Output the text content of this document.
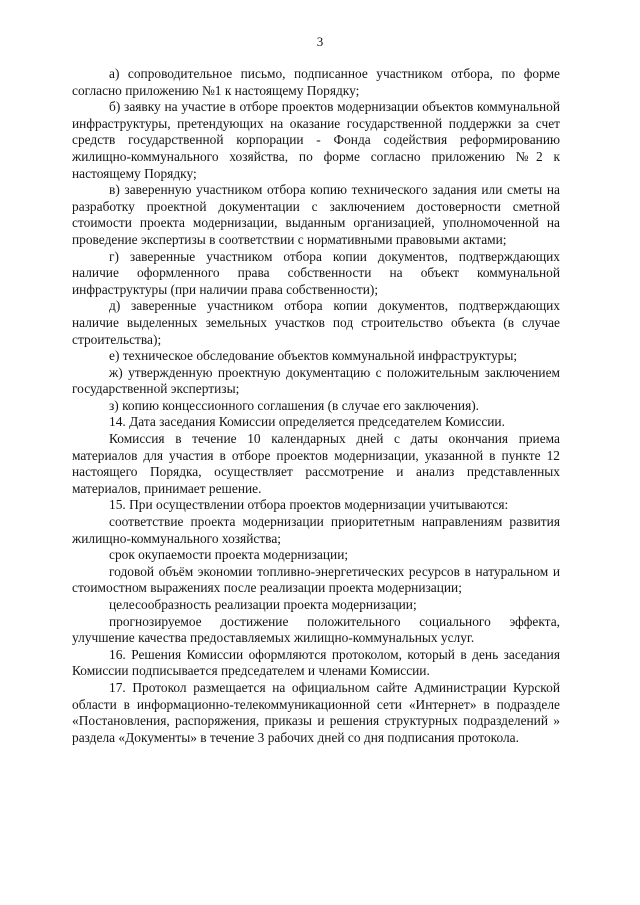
3

а) сопроводительное письмо, подписанное участником отбора, по форме согласно приложению №1 к настоящему Порядку;

б) заявку на участие в отборе проектов модернизации объектов коммунальной инфраструктуры, претендующих на оказание государственной поддержки за счет средств государственной корпорации - Фонда содействия реформированию жилищно-коммунального хозяйства, по форме согласно приложению №2 к настоящему Порядку;

в) заверенную участником отбора копию технического задания или сметы на разработку проектной документации с заключением достоверности сметной стоимости проекта модернизации, выданным организацией, уполномоченной на проведение экспертизы в соответствии с нормативными правовыми актами;

г) заверенные участником отбора копии документов, подтверждающих наличие оформленного права собственности на объект коммунальной инфраструктуры (при наличии права собственности);

д) заверенные участником отбора копии документов, подтверждающих наличие выделенных земельных участков под строительство объекта (в случае строительства);

е) техническое обследование объектов коммунальной инфраструктуры;

ж) утвержденную проектную документацию с положительным заключением государственной экспертизы;

з) копию концессионного соглашения (в случае его заключения).

14. Дата заседания Комиссии определяется председателем Комиссии.

Комиссия в течение 10 календарных дней с даты окончания приема материалов для участия в отборе проектов модернизации, указанной в пункте 12 настоящего Порядка, осуществляет рассмотрение и анализ представленных материалов, принимает решение.

15. При осуществлении отбора проектов модернизации учитываются:

соответствие проекта модернизации приоритетным направлениям развития жилищно-коммунального хозяйства;

срок окупаемости проекта модернизации;

годовой объём экономии топливно-энергетических ресурсов в натуральном и стоимостном выражениях после реализации проекта модернизации;

целесообразность реализации проекта модернизации;

прогнозируемое достижение положительного социального эффекта, улучшение качества предоставляемых жилищно-коммунальных услуг.

16. Решения Комиссии оформляются протоколом, который в день заседания Комиссии подписывается председателем и членами Комиссии.

17. Протокол размещается на официальном сайте Администрации Курской области в информационно-телекоммуникационной сети «Интернет» в подразделе «Постановления, распоряжения, приказы и решения структурных подразделений » раздела «Документы» в течение 3 рабочих дней со дня подписания протокола.
